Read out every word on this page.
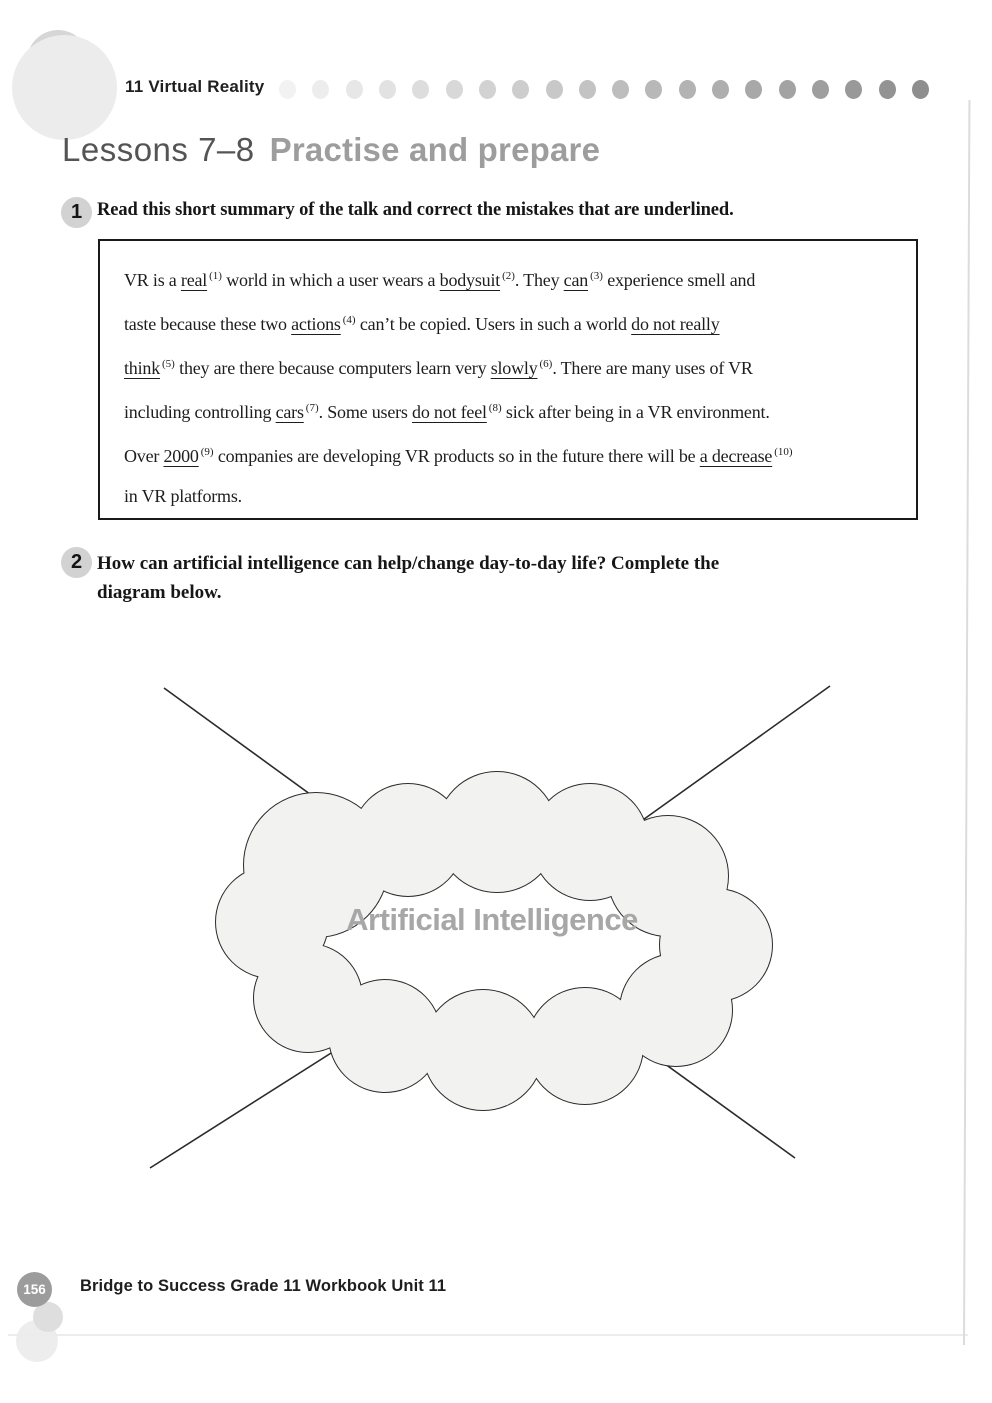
11 Virtual Reality
Lessons 7–8 Practise and prepare
1 Read this short summary of the talk and correct the mistakes that are underlined.
VR is a real $^{(1)}$ world in which a user wears a bodysuit $^{(2)}$. They can $^{(3)}$ experience smell and
taste because these two actions $^{(4)}$ can’t be copied. Users in such a world do not really
think $^{(5)}$ they are there because computers learn very slowly $^{(6)}$. There are many uses of VR
including controlling cars $^{(7)}$. Some users do not feel $^{(8)}$ sick after being in a VR environment.
Over 2000 $^{(9)}$ companies are developing VR products so in the future there will be a decrease $^{(10)}$
in VR platforms.
2 How can artificial intelligence can help/change day-to-day life? Complete the
diagram below.
Artificial Intelligence
156 Bridge to Success Grade 11 Workbook Unit 11
